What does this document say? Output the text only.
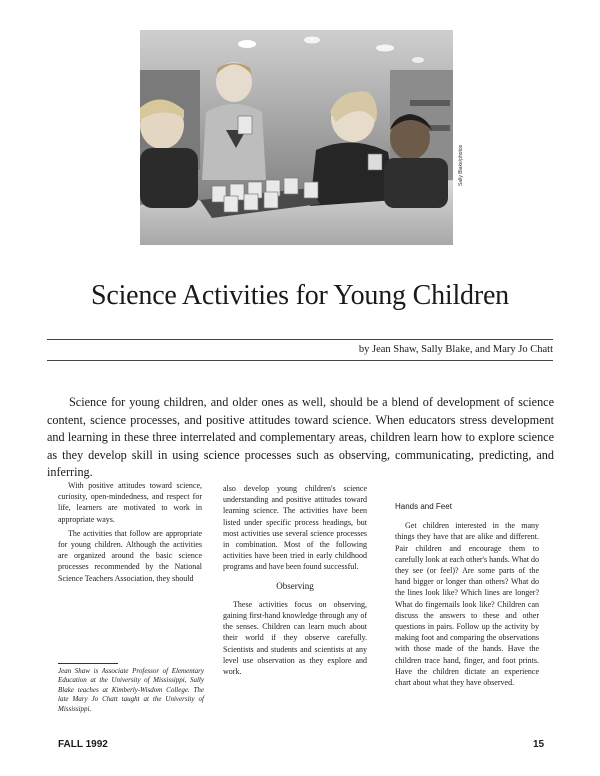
Sally Blake/photos
Science Activities for Young Children
by Jean Shaw, Sally Blake, and Mary Jo Chatt

Science for young children, and older ones as well, should be a blend of development of science content, science processes, and positive attitudes toward science. When educators stress development and learning in these three interrelated and complementary areas, children learn how to explore science as they develop skill in using science processes such as observing, communicating, predicting, and inferring.

With positive attitudes toward science, curiosity, open-mindedness, and respect for life, learners are motivated to work in appropriate ways.

The activities that follow are appropriate for young children. Although the activities are organized around the basic science processes recommended by the National Science Teachers Association, they should

also develop young children's science understanding and positive attitudes toward learning science. The activities have been listed under specific process headings, but most activities use several science processes in combination. Most of the following activities have been tried in early childhood programs and have been found successful.

Observing

These activities focus on observing, gaining first-hand knowledge through any of the senses. Children can learn much about their world if they observe carefully. Scientists and students and scientists at any level use observation as they explore and work.

Hands and Feet

Get children interested in the many things they have that are alike and different. Pair children and encourage them to carefully look at each other's hands. What do they see (or feel)? Are some parts of the hand bigger or longer than others? What do the lines look like? Which lines are longer? What do fingernails look like? Children can discuss the answers to these and other questions in pairs. Follow up the activity by making foot and comparing the observations with those made of the hands. Have the children trace hand, finger, and foot prints. Have the children dictate an experience chart about what they have observed.

Jean Shaw is Associate Professor of Elementary Education at the University of Mississippi, Sally Blake teaches at Kimberly-Wisdom College. The late Mary Jo Chatt taught at the University of Mississippi.

FALL 1992	15
